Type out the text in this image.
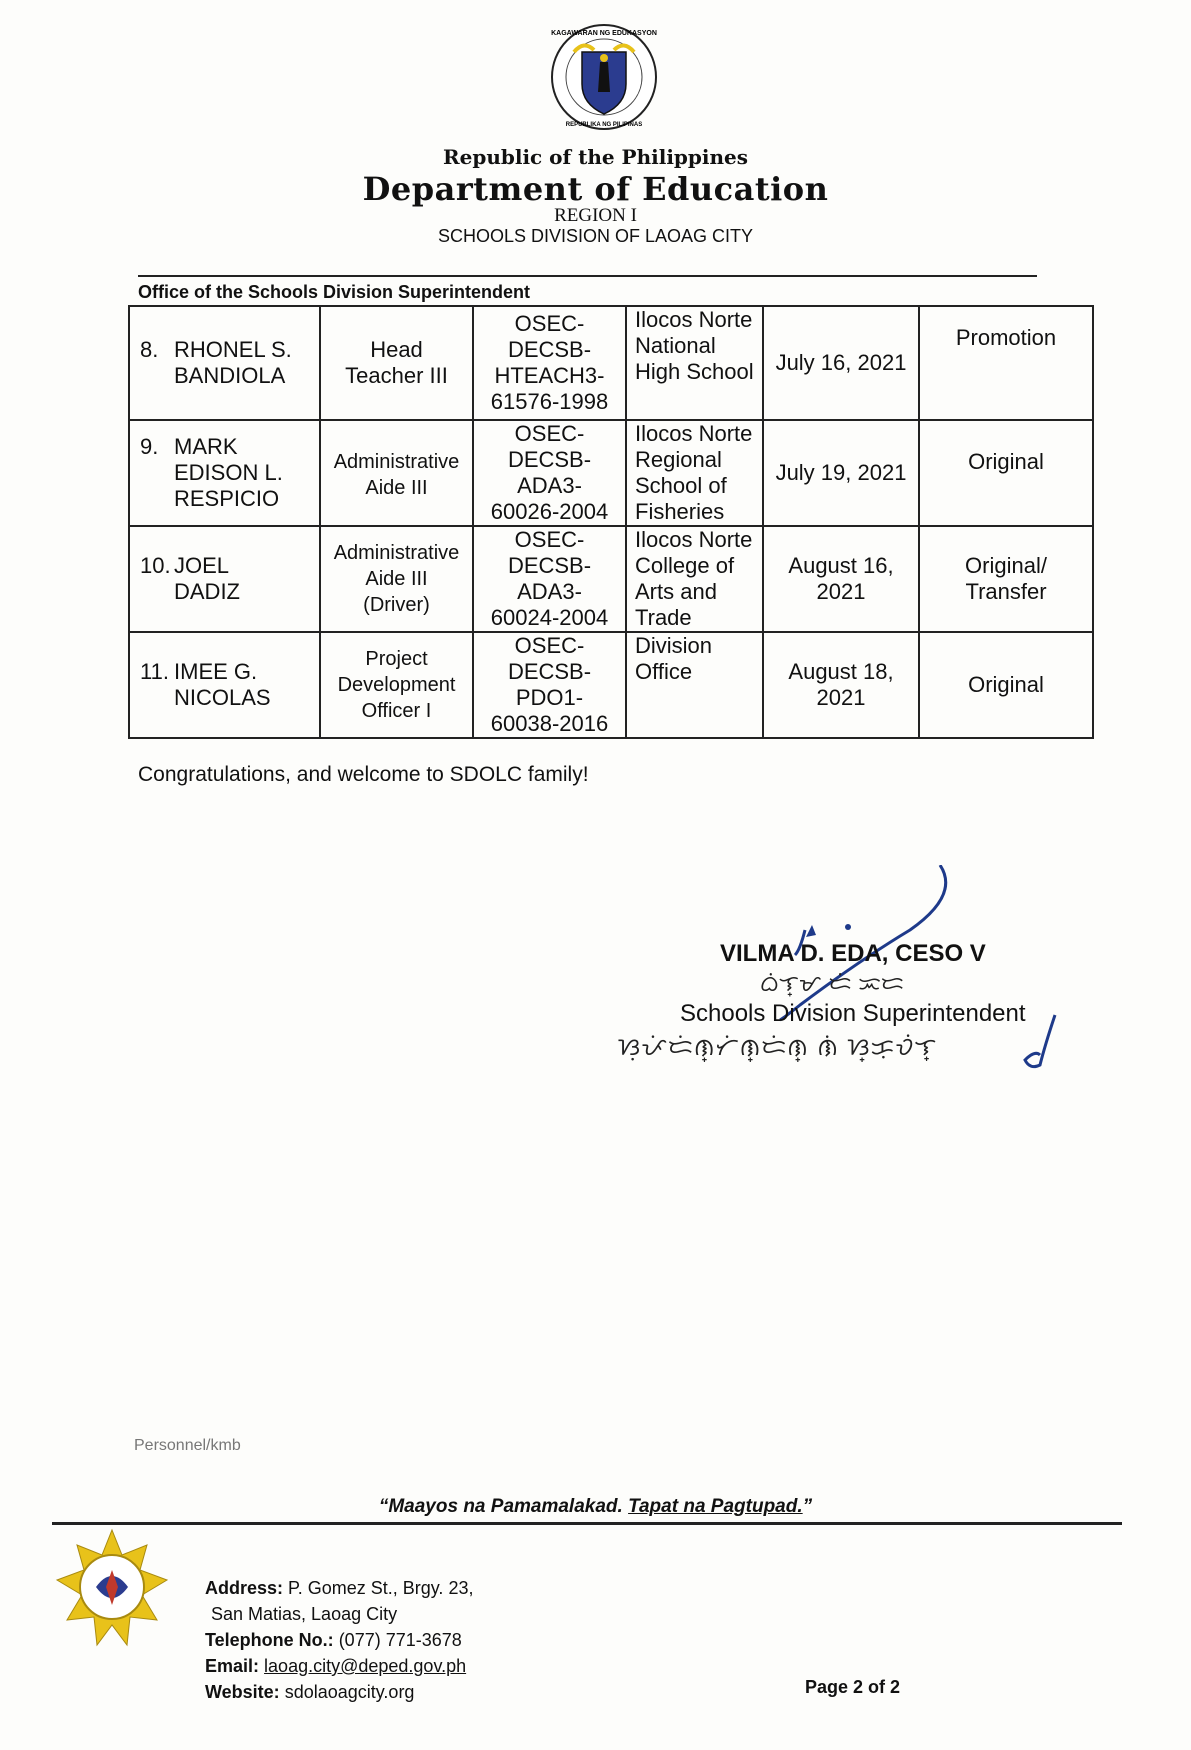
KAGAWARAN NG EDUKASYON
REPUBLIKA NG PILIPINAS
Republic of the Philippines
Department of Education
REGION I
SCHOOLS DIVISION OF LAOAG CITY
Office of the Schools Division Superintendent
8. RHONEL S.
BANDIOLA	Head
Teacher III	OSEC-
DECSB-
HTEACH3-
61576-1998	Ilocos Norte
National
High School	July 16, 2021	Promotion

9. MARK
EDISON L.
RESPICIO	Administrative
Aide III	OSEC-
DECSB-
ADA3-
60026-2004	Ilocos Norte
Regional
School of
Fisheries	July 19, 2021	Original

10. JOEL
DADIZ	Administrative
Aide III
(Driver)	OSEC-
DECSB-
ADA3-
60024-2004	Ilocos Norte
College of
Arts and
Trade	August 16,
2021	Original/
Transfer

11. IMEE G.
NICOLAS	Project
Development
Officer I	OSEC-
DECSB-
PDO1-
60038-2016	Division
Office	August 18,
2021	Original
Congratulations, and welcome to SDOLC family!
VILMA D. EDA, CESO V
ᜊᜒᜎ᜔ᜋ ᜇᜒ ᜁᜇ
Schools Division Superintendent
ᜐᜓᜉᜒᜇᜒᜈ᜔ᜆᜒᜈ᜔ᜇᜒᜈ᜔ ᜈᜒ ᜐ᜔ᜃᜓᜏᜒᜎ᜔
Personnel/kmb
“Maayos na Pamamalakad. Tapat na Pagtupad.”
Address: P. Gomez St., Brgy. 23,
San Matias, Laoag City
Telephone No.: (077) 771-3678
Email: laoag.city@deped.gov.ph
Website: sdolaoagcity.org	Page 2 of 2
